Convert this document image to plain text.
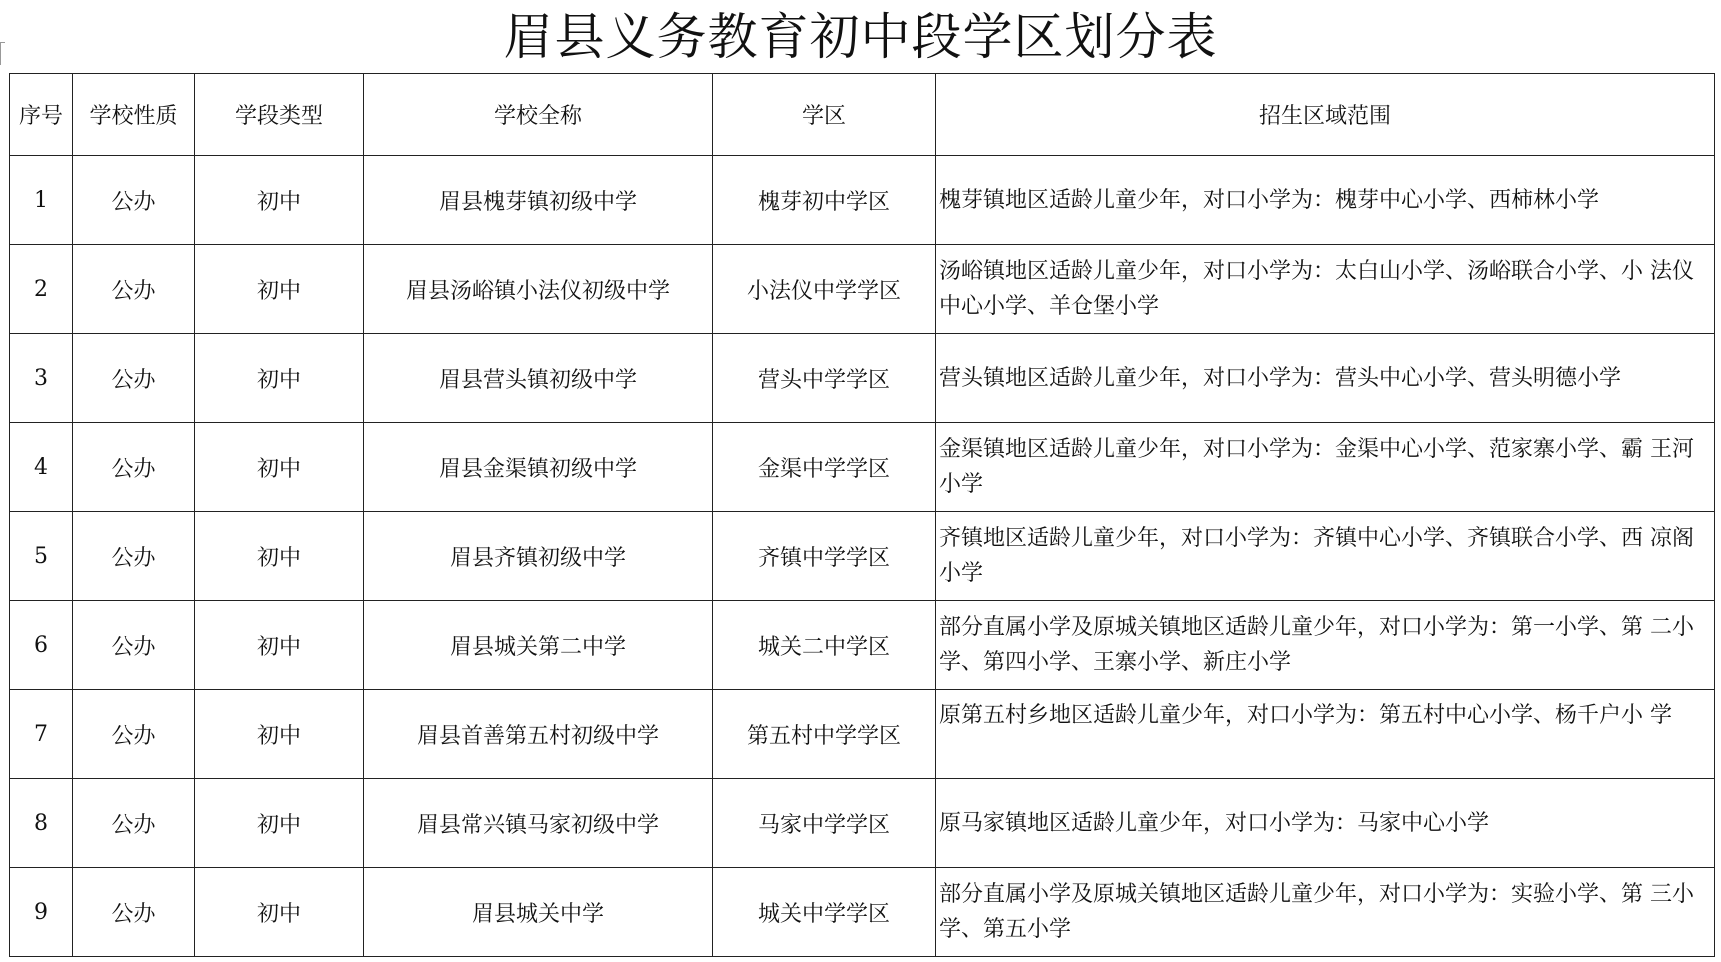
眉县义务教育初中段学区划分表
序号	学校性质	学段类型	学校全称	学区	招生区域范围
1	公办	初中	眉县槐芽镇初级中学	槐芽初中学区	槐芽镇地区适龄儿童少年，对口小学为：槐芽中心小学、西柿林小学
2	公办	初中	眉县汤峪镇小法仪初级中学	小法仪中学学区	汤峪镇地区适龄儿童少年，对口小学为：太白山小学、汤峪联合小学、小 法仪中心小学、羊仓堡小学
3	公办	初中	眉县营头镇初级中学	营头中学学区	营头镇地区适龄儿童少年，对口小学为：营头中心小学、营头明德小学
4	公办	初中	眉县金渠镇初级中学	金渠中学学区	金渠镇地区适龄儿童少年，对口小学为：金渠中心小学、范家寨小学、霸 王河小学
5	公办	初中	眉县齐镇初级中学	齐镇中学学区	齐镇地区适龄儿童少年，对口小学为：齐镇中心小学、齐镇联合小学、西 凉阁小学
6	公办	初中	眉县城关第二中学	城关二中学区	部分直属小学及原城关镇地区适龄儿童少年，对口小学为：第一小学、第 二小学、第四小学、王寨小学、新庄小学
7	公办	初中	眉县首善第五村初级中学	第五村中学学区	原第五村乡地区适龄儿童少年，对口小学为：第五村中心小学、杨千户小 学
8	公办	初中	眉县常兴镇马家初级中学	马家中学学区	原马家镇地区适龄儿童少年，对口小学为：马家中心小学
9	公办	初中	眉县城关中学	城关中学学区	部分直属小学及原城关镇地区适龄儿童少年，对口小学为：实验小学、第 三小学、第五小学
